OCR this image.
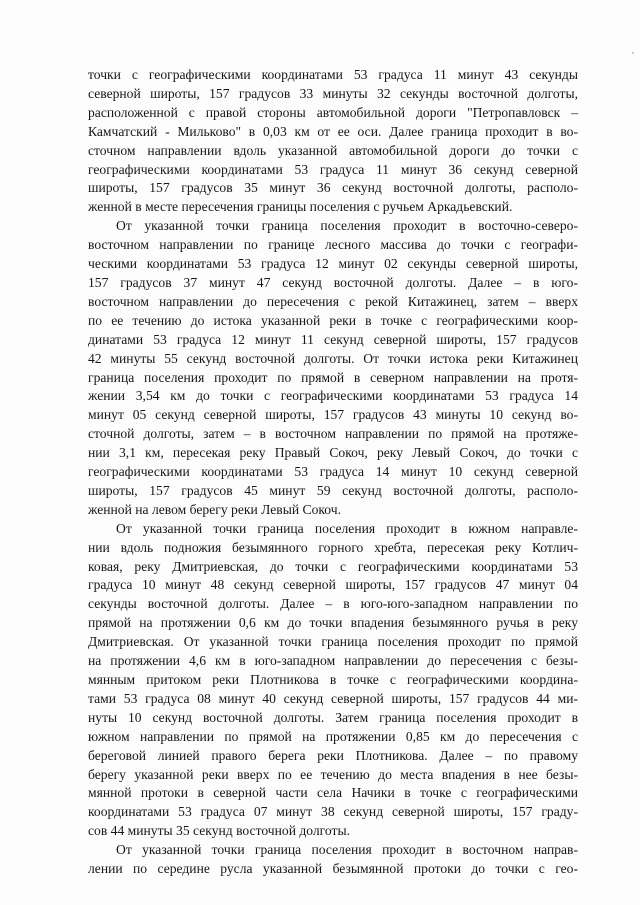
точки с географическими координатами 53 градуса 11 минут 43 секунды
северной широты, 157 градусов 33 минуты 32 секунды восточной долготы,
расположенной с правой стороны автомобильной дороги "Петропавловск –
Камчатский - Мильково" в 0,03 км от ее оси. Далее граница проходит в во-
сточном направлении вдоль указанной автомобильной дороги до точки с
географическими координатами 53 градуса 11 минут 36 секунд северной
широты, 157 градусов 35 минут 36 секунд восточной долготы, располо-
женной в месте пересечения границы поселения с ручьем Аркадьевский.

От указанной точки граница поселения проходит в восточно-северо-
восточном направлении по границе лесного массива до точки с географи-
ческими координатами 53 градуса 12 минут 02 секунды северной широты,
157 градусов 37 минут 47 секунд восточной долготы. Далее – в юго-
восточном направлении до пересечения с рекой Китажинец, затем – вверх
по ее течению до истока указанной реки в точке с географическими коор-
динатами 53 градуса 12 минут 11 секунд северной широты, 157 градусов
42 минуты 55 секунд восточной долготы. От точки истока реки Китажинец
граница поселения проходит по прямой в северном направлении на протя-
жении 3,54 км до точки с географическими координатами 53 градуса 14
минут 05 секунд северной широты, 157 градусов 43 минуты 10 секунд во-
сточной долготы, затем – в восточном направлении по прямой на протяже-
нии 3,1 км, пересекая реку Правый Сокоч, реку Левый Сокоч, до точки с
географическими координатами 53 градуса 14 минут 10 секунд северной
широты, 157 градусов 45 минут 59 секунд восточной долготы, располо-
женной на левом берегу реки Левый Сокоч.

От указанной точки граница поселения проходит в южном направле-
нии вдоль подножия безымянного горного хребта, пересекая реку Котлич-
ковая, реку Дмитриевская, до точки с географическими координатами 53
градуса 10 минут 48 секунд северной широты, 157 градусов 47 минут 04
секунды восточной долготы. Далее – в юго-юго-западном направлении по
прямой на протяжении 0,6 км до точки впадения безымянного ручья в реку
Дмитриевская. От указанной точки граница поселения проходит по прямой
на протяжении 4,6 км в юго-западном направлении до пересечения с безы-
мянным притоком реки Плотникова в точке с географическими координа-
тами 53 градуса 08 минут 40 секунд северной широты, 157 градусов 44 ми-
нуты 10 секунд восточной долготы. Затем граница поселения проходит в
южном направлении по прямой на протяжении 0,85 км до пересечения с
береговой линией правого берега реки Плотникова. Далее – по правому
берегу указанной реки вверх по ее течению до места впадения в нее безы-
мянной протоки в северной части села Начики в точке с географическими
координатами 53 градуса 07 минут 38 секунд северной широты, 157 граду-
сов 44 минуты 35 секунд восточной долготы.

От указанной точки граница поселения проходит в восточном направ-
лении по середине русла указанной безымянной протоки до точки с гео-
